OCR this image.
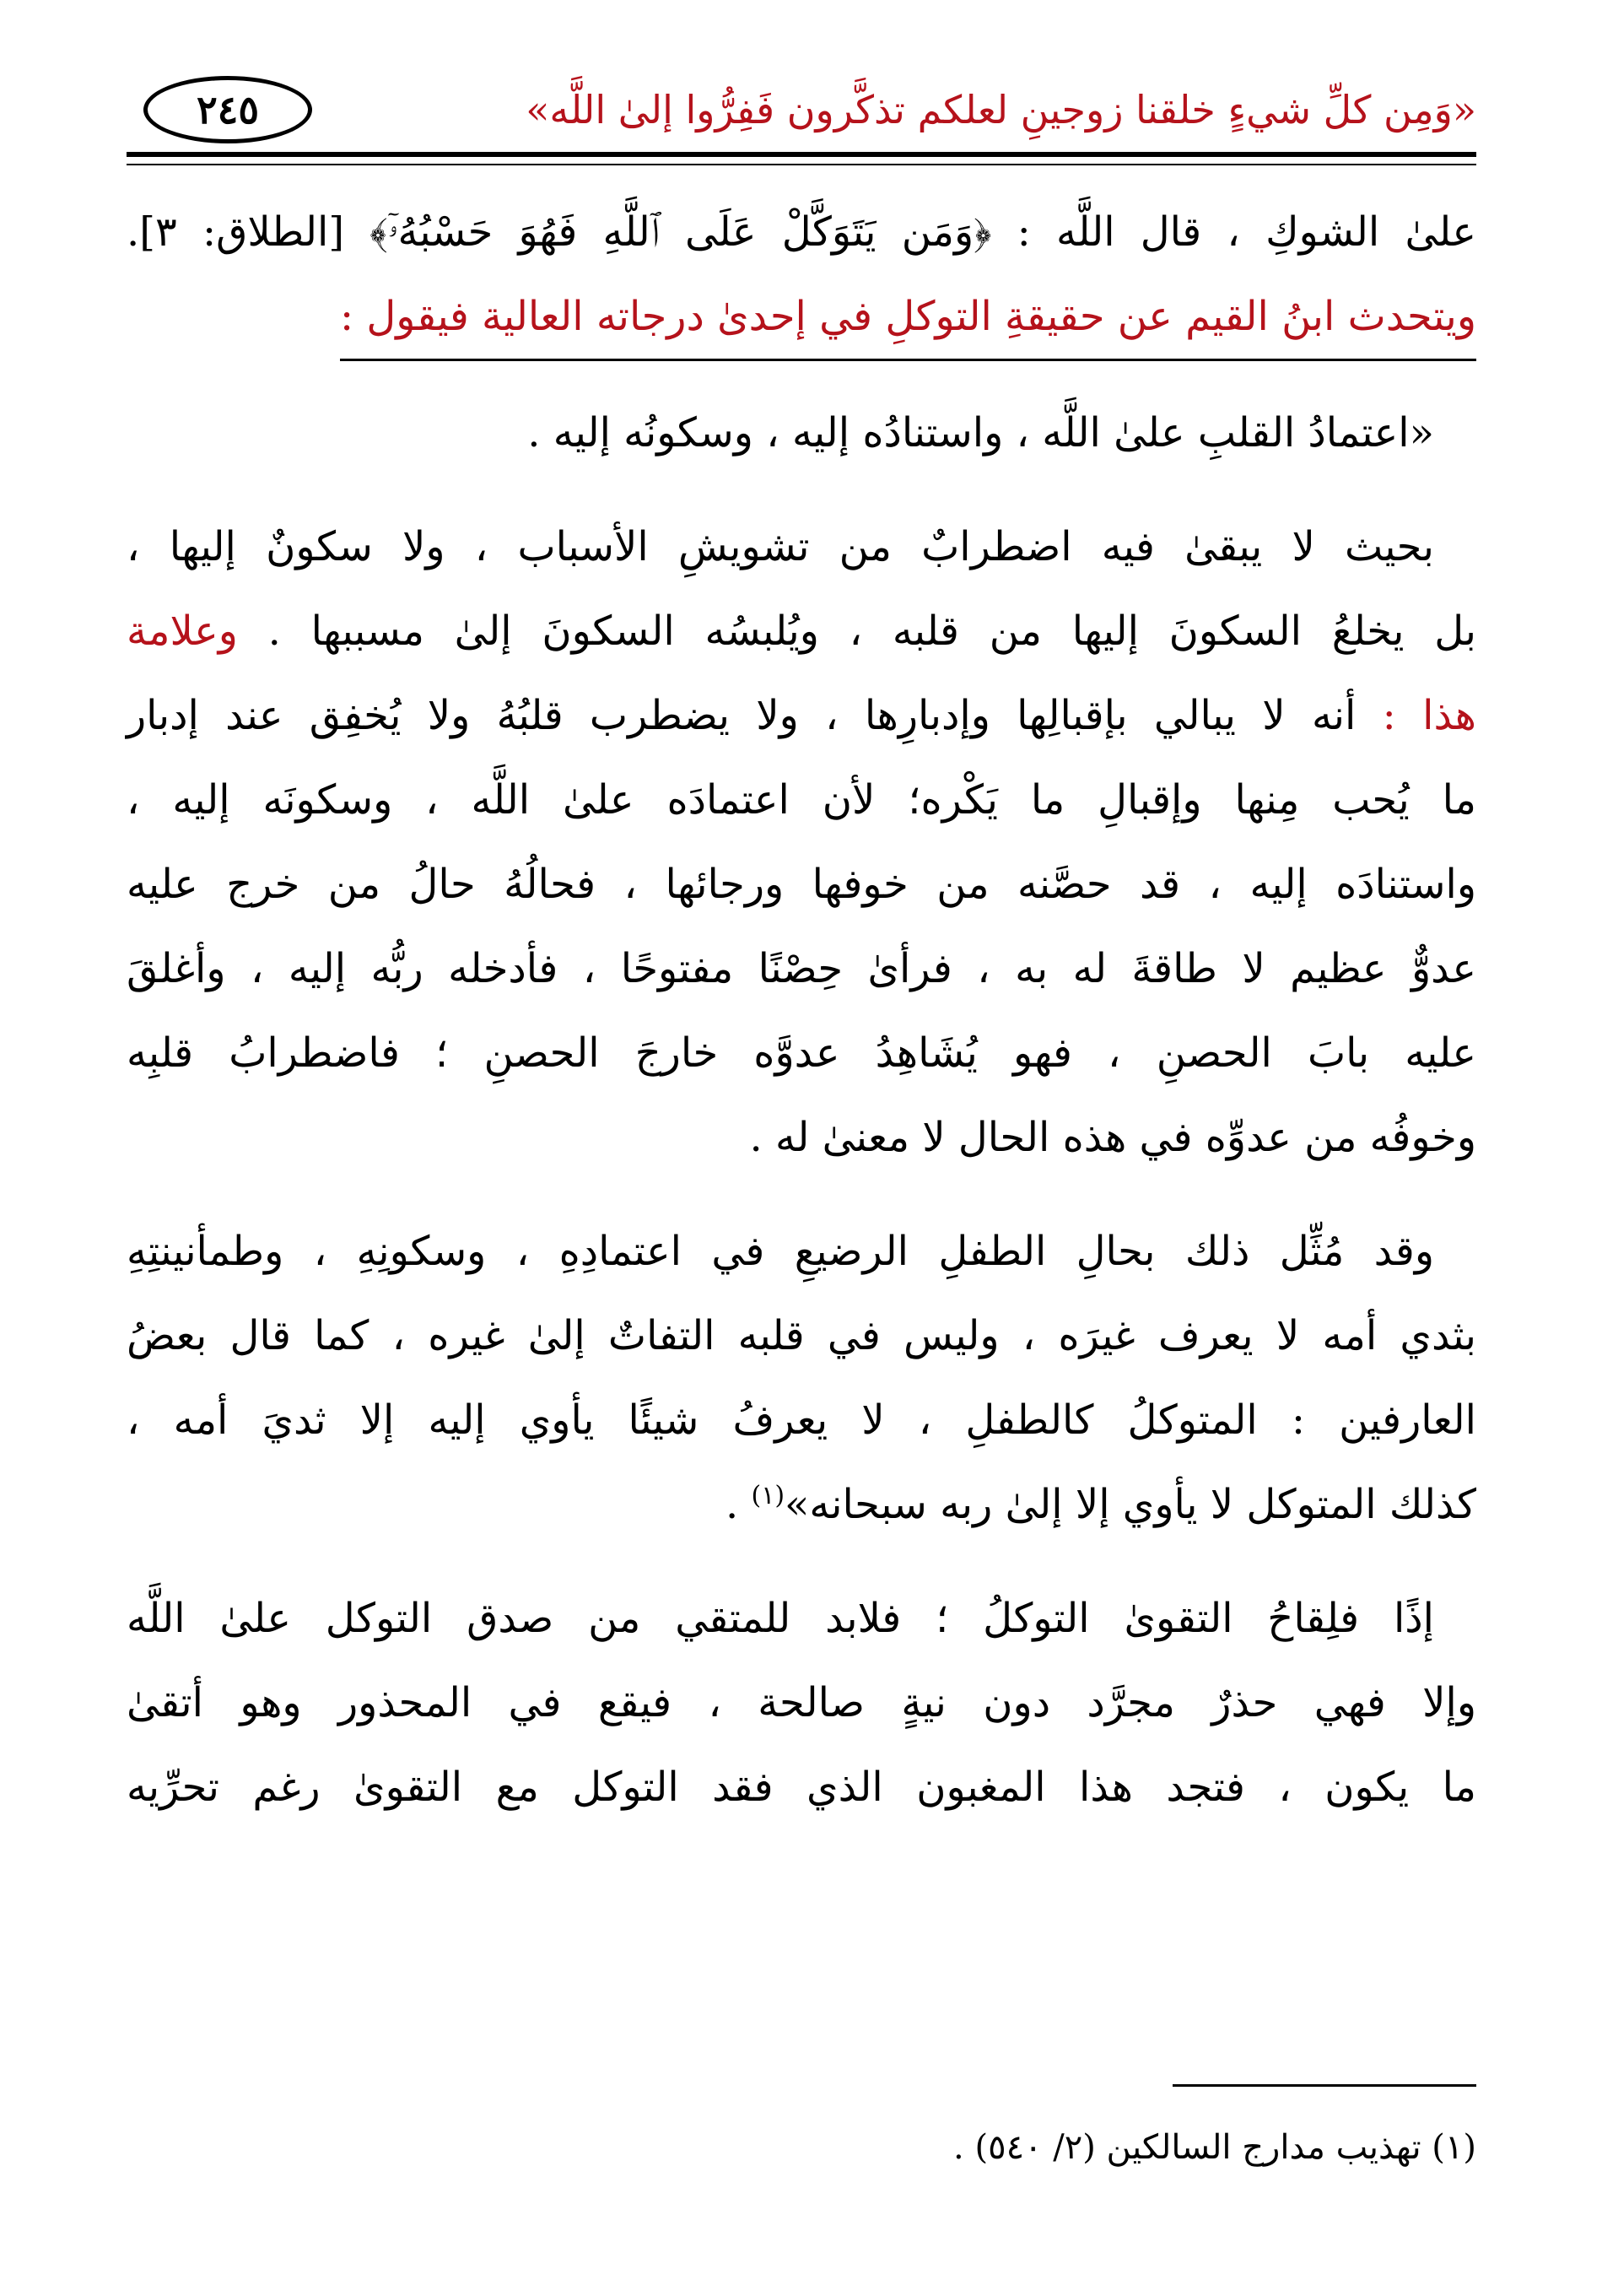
«وَمِن كلِّ شيءٍ خلقنا زوجينِ لعلكم تذكَّرون فَفِرُّوا إلىٰ اللَّه»
٢٤٥
علىٰ الشوكِ ، قال اللَّه : ﴿وَمَن يَتَوَكَّلْ عَلَى ٱللَّهِ فَهُوَ حَسْبُهُۥٓ﴾ [الطلاق: ٣].
ويتحدث ابنُ القيم عن حقيقةِ التوكلِ في إحدىٰ درجاته العالية فيقول :
«اعتمادُ القلبِ علىٰ اللَّه ، واستنادُه إليه ، وسكونُه إليه .
بحيث لا يبقىٰ فيه اضطرابٌ من تشويشِ الأسباب ، ولا سكونٌ إليها ،
بل يخلعُ السكونَ إليها من قلبه ، ويُلبسُه السكونَ إلىٰ مسببها . وعلامة
هذا : أنه لا يبالي بإقبالِها وإدبارِها ، ولا يضطرب قلبُهُ ولا يُخفِق عند إدبار
ما يُحب مِنها وإقبالِ ما يَكْره؛ لأن اعتمادَه علىٰ اللَّه ، وسكونَه إليه ،
واستنادَه إليه ، قد حصَّنه من خوفها ورجائها ، فحالُهُ حالُ من خرج عليه
عدوٌّ عظيم لا طاقةَ له به ، فرأىٰ حِصْنًا مفتوحًا ، فأدخله ربُّه إليه ، وأغلقَ
عليه بابَ الحصنِ ، فهو يُشَاهِدُ عدوَّه خارجَ الحصنِ ؛ فاضطرابُ قلبِه
وخوفُه من عدوِّه في هذه الحال لا معنىٰ له .
وقد مُثِّل ذلك بحالِ الطفلِ الرضيعِ في اعتمادِهِ ، وسكونِهِ ، وطمأنينتِهِ
بثدي أمه لا يعرف غيرَه ، وليس في قلبه التفاتٌ إلىٰ غيره ، كما قال بعضُ
العارفين : المتوكلُ كالطفلِ ، لا يعرفُ شيئًا يأوي إليه إلا ثديَ أمه ،
كذلك المتوكل لا يأوي إلا إلىٰ ربه سبحانه»$^{(١)}$ .
إذًا فلِقاحُ التقوىٰ التوكلُ ؛ فلابد للمتقي من صدق التوكل علىٰ اللَّه
وإلا فهي حذرٌ مجرَّد دون نيةٍ صالحة ، فيقع في المحذور وهو أتقىٰ
ما يكون ، فتجد هذا المغبون الذي فقد التوكل مع التقوىٰ رغم تحرِّيه
(١) تهذيب مدارج السالكين (٢/ ٥٤٠) .
